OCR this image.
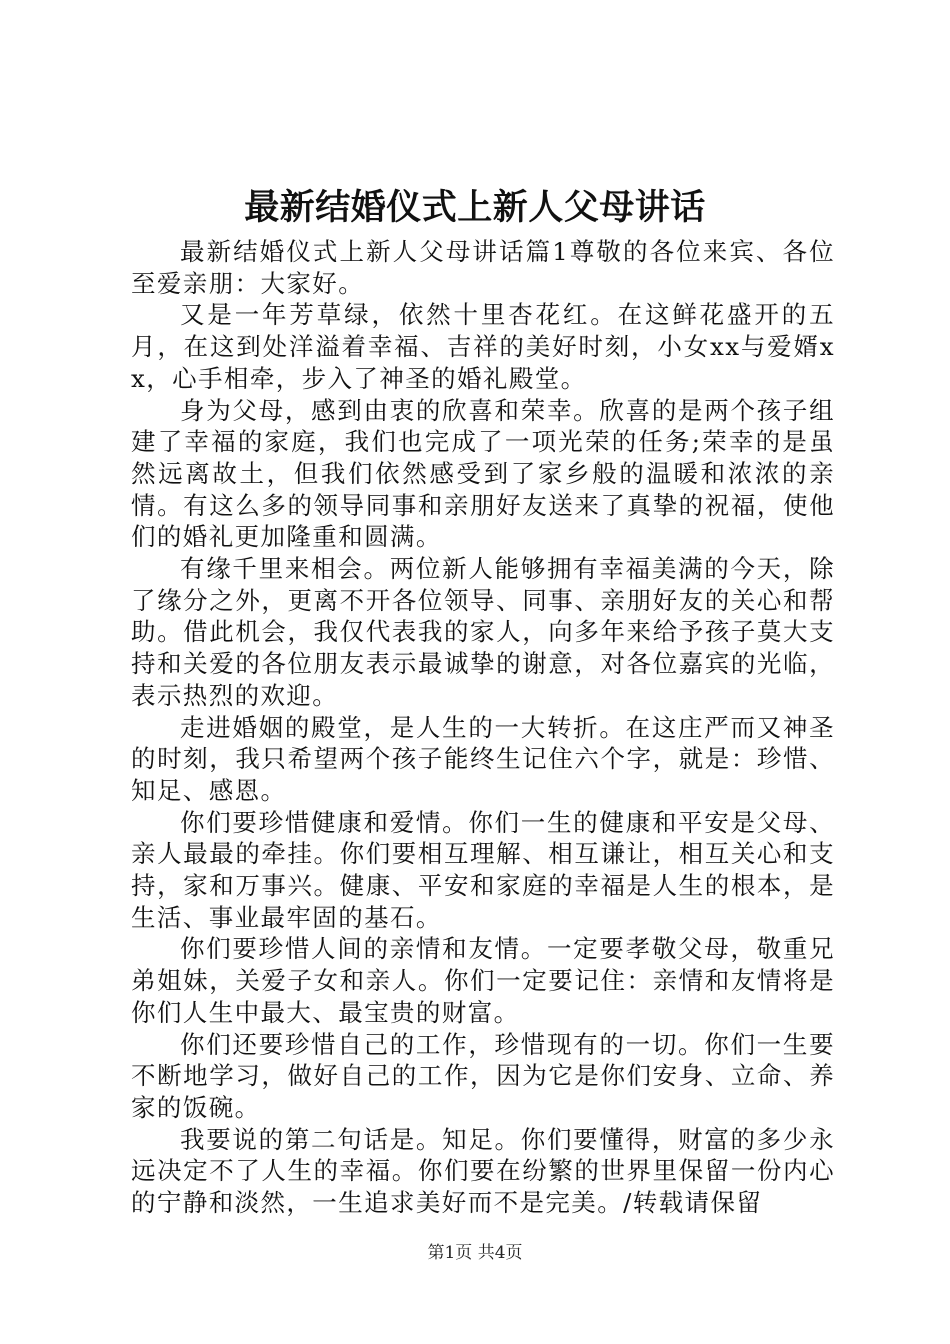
最新结婚仪式上新人父母讲话

最新结婚仪式上新人父母讲话篇1尊敬的各位来宾、各位至爱亲朋：大家好。

又是一年芳草绿，依然十里杏花红。在这鲜花盛开的五月，在这到处洋溢着幸福、吉祥的美好时刻，小女xx与爱婿xx，心手相牵，步入了神圣的婚礼殿堂。

身为父母，感到由衷的欣喜和荣幸。欣喜的是两个孩子组建了幸福的家庭，我们也完成了一项光荣的任务;荣幸的是虽然远离故土，但我们依然感受到了家乡般的温暖和浓浓的亲情。有这么多的领导同事和亲朋好友送来了真挚的祝福，使他们的婚礼更加隆重和圆满。

有缘千里来相会。两位新人能够拥有幸福美满的今天，除了缘分之外，更离不开各位领导、同事、亲朋好友的关心和帮助。借此机会，我仅代表我的家人，向多年来给予孩子莫大支持和关爱的各位朋友表示最诚挚的谢意，对各位嘉宾的光临，表示热烈的欢迎。

走进婚姻的殿堂，是人生的一大转折。在这庄严而又神圣的时刻，我只希望两个孩子能终生记住六个字，就是：珍惜、知足、感恩。

你们要珍惜健康和爱情。你们一生的健康和平安是父母、亲人最最的牵挂。你们要相互理解、相互谦让，相互关心和支持，家和万事兴。健康、平安和家庭的幸福是人生的根本，是生活、事业最牢固的基石。

你们要珍惜人间的亲情和友情。一定要孝敬父母，敬重兄弟姐妹，关爱子女和亲人。你们一定要记住：亲情和友情将是你们人生中最大、最宝贵的财富。

你们还要珍惜自己的工作，珍惜现有的一切。你们一生要不断地学习，做好自己的工作，因为它是你们安身、立命、养家的饭碗。

我要说的第二句话是。知足。你们要懂得，财富的多少永远决定不了人生的幸福。你们要在纷繁的世界里保留一份内心的宁静和淡然，一生追求美好而不是完美。/转载请保留

第1页 共4页
